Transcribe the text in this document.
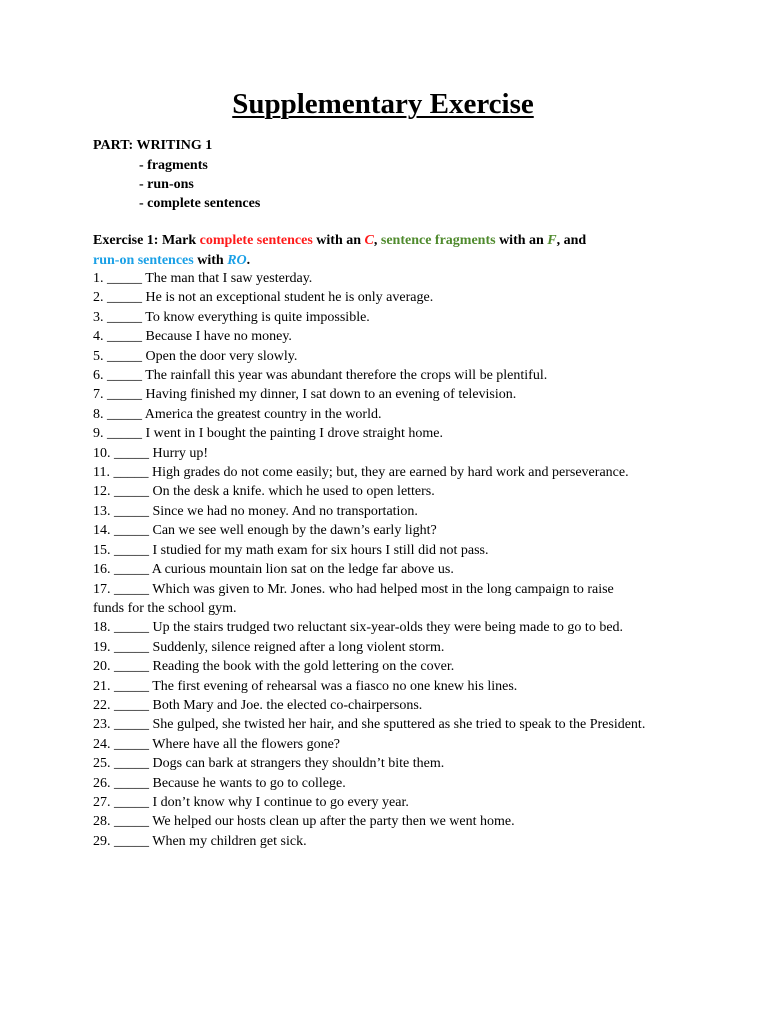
Supplementary Exercise
PART: WRITING 1
- fragments
- run-ons
- complete sentences
Exercise 1: Mark complete sentences with an C, sentence fragments with an F, and
run-on sentences with RO.
1. _____ The man that I saw yesterday.
2. _____ He is not an exceptional student he is only average.
3. _____ To know everything is quite impossible.
4. _____ Because I have no money.
5. _____ Open the door very slowly.
6. _____ The rainfall this year was abundant therefore the crops will be plentiful.
7. _____ Having finished my dinner, I sat down to an evening of television.
8. _____ America the greatest country in the world.
9. _____ I went in I bought the painting I drove straight home.
10. _____ Hurry up!
11. _____ High grades do not come easily; but, they are earned by hard work and perseverance.
12. _____ On the desk a knife. which he used to open letters.
13. _____ Since we had no money. And no transportation.
14. _____ Can we see well enough by the dawn’s early light?
15. _____ I studied for my math exam for six hours I still did not pass.
16. _____ A curious mountain lion sat on the ledge far above us.
17. _____ Which was given to Mr. Jones. who had helped most in the long campaign to raise
funds for the school gym.
18. _____ Up the stairs trudged two reluctant six-year-olds they were being made to go to bed.
19. _____ Suddenly, silence reigned after a long violent storm.
20. _____ Reading the book with the gold lettering on the cover.
21. _____ The first evening of rehearsal was a fiasco no one knew his lines.
22. _____ Both Mary and Joe. the elected co-chairpersons.
23. _____ She gulped, she twisted her hair, and she sputtered as she tried to speak to the President.
24. _____ Where have all the flowers gone?
25. _____ Dogs can bark at strangers they shouldn’t bite them.
26. _____ Because he wants to go to college.
27. _____ I don’t know why I continue to go every year.
28. _____ We helped our hosts clean up after the party then we went home.
29. _____ When my children get sick.
